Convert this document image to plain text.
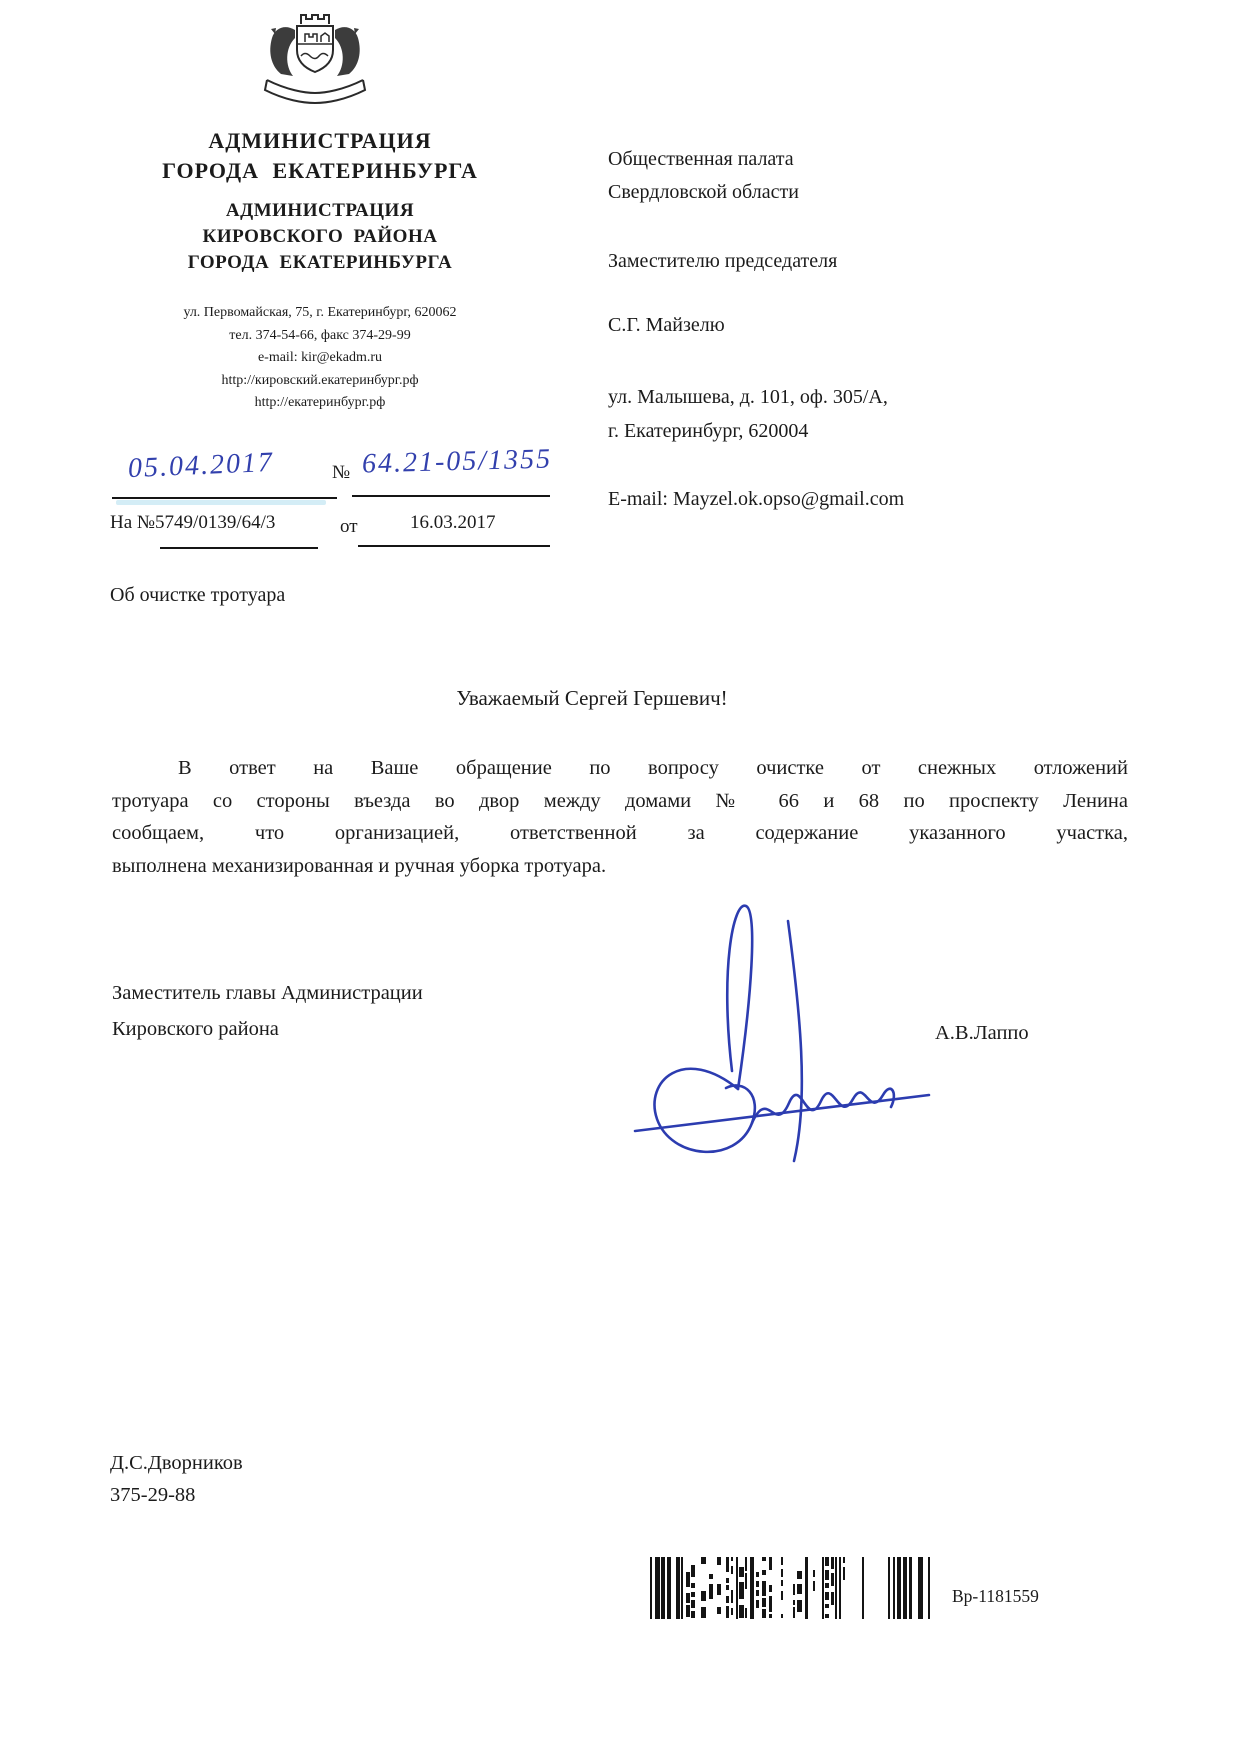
АДМИНИСТРАЦИЯ
ГОРОДА ЕКАТЕРИНБУРГА
АДМИНИСТРАЦИЯ
КИРОВСКОГО РАЙОНА
ГОРОДА ЕКАТЕРИНБУРГА
ул. Первомайская, 75, г. Екатеринбург, 620062
тел. 374-54-66, факс 374-29-99
e-mail: kir@ekadm.ru
http://кировский.екатеринбург.рф
http://екатеринбург.рф
05.04.2017	№ 64.21-05/1355
На №5749/0139/64/3	от	16.03.2017
Общественная палата
Свердловской области
Заместителю председателя
С.Г. Майзелю
ул. Малышева, д. 101, оф. 305/А,
г. Екатеринбург, 620004
E-mail: Mayzel.ok.opso@gmail.com
Об очистке тротуара
Уважаемый Сергей Гершевич!
В ответ на Ваше обращение по вопросу очистке от снежных отложений
тротуара со стороны въезда во двор между домами № 66 и 68 по проспекту Ленина
сообщаем, что организацией, ответственной за содержание указанного участка,
выполнена механизированная и ручная уборка тротуара.
Заместитель главы Администрации
Кировского района	А.В.Лаппо
Д.С.Дворников
375-29-88
Вр-1181559
